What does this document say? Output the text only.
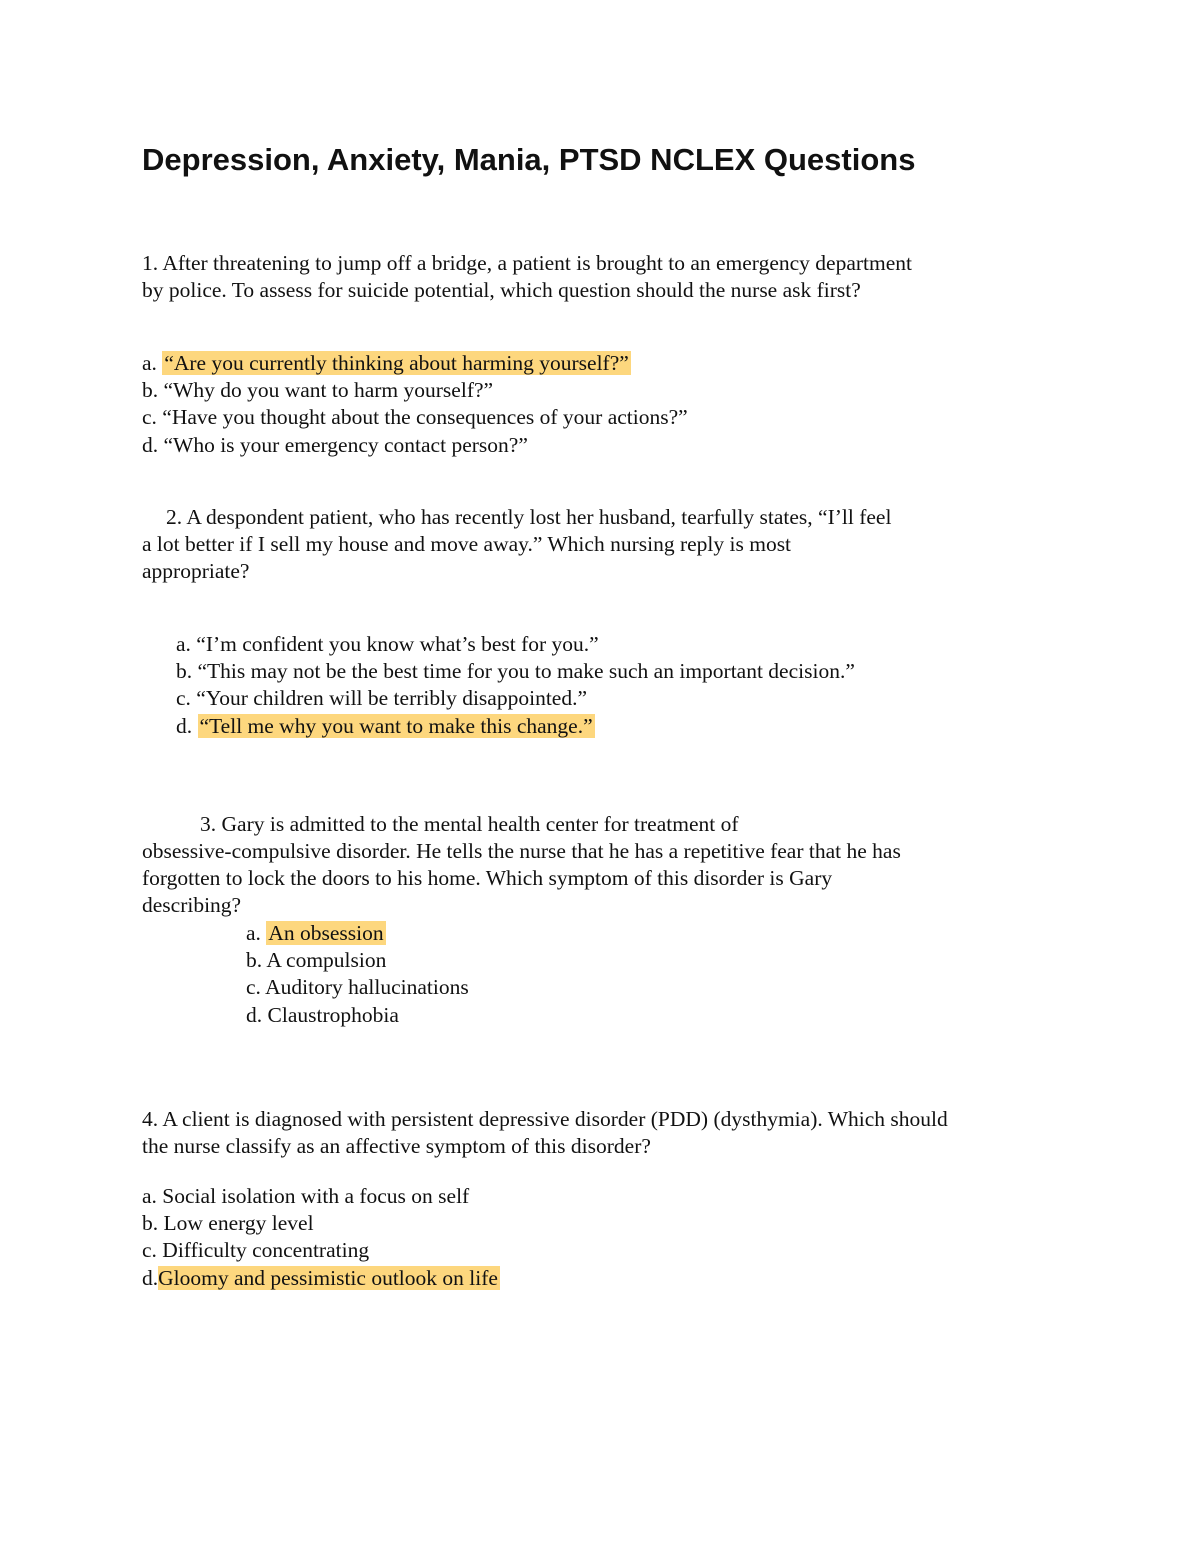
Depression, Anxiety, Mania, PTSD NCLEX Questions
1. After threatening to jump off a bridge, a patient is brought to an emergency department
by police. To assess for suicide potential, which question should the nurse ask first?
a. “Are you currently thinking about harming yourself?”
b. “Why do you want to harm yourself?”
c. “Have you thought about the consequences of your actions?”
d. “Who is your emergency contact person?”
2. A despondent patient, who has recently lost her husband, tearfully states, “I’ll feel
a lot better if I sell my house and move away.” Which nursing reply is most
appropriate?
a. “I’m confident you know what’s best for you.”
b. “This may not be the best time for you to make such an important decision.”
c. “Your children will be terribly disappointed.”
d. “Tell me why you want to make this change.”
3. Gary is admitted to the mental health center for treatment of
obsessive-compulsive disorder. He tells the nurse that he has a repetitive fear that he has
forgotten to lock the doors to his home. Which symptom of this disorder is Gary
describing?
a. An obsession
b. A compulsion
c. Auditory hallucinations
d. Claustrophobia
4. A client is diagnosed with persistent depressive disorder (PDD) (dysthymia). Which should
the nurse classify as an affective symptom of this disorder?
a. Social isolation with a focus on self
b. Low energy level
c. Difficulty concentrating
d.Gloomy and pessimistic outlook on life
